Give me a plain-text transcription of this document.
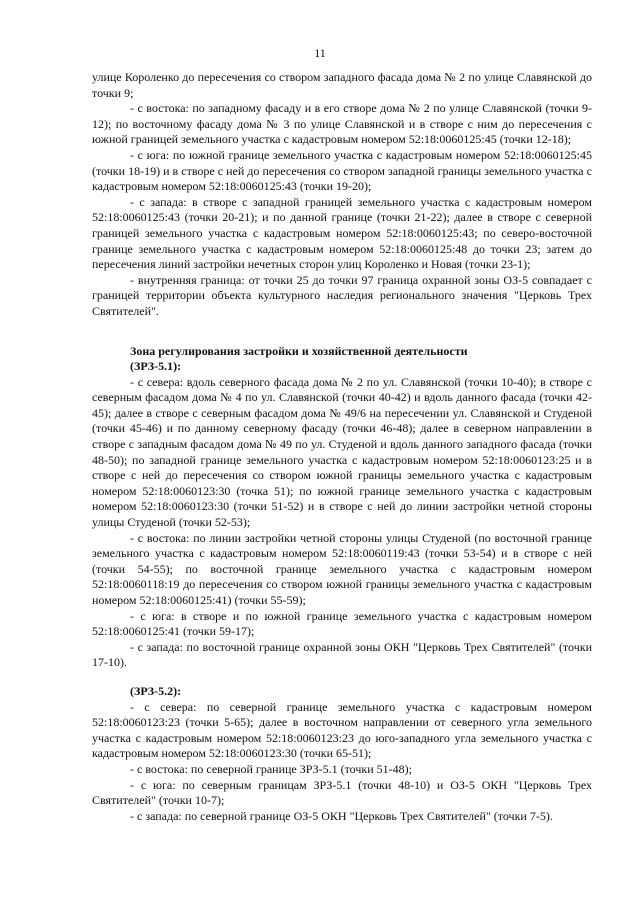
11

улице Короленко до пересечения со створом западного фасада дома № 2 по улице Славянской до точки 9;

- с востока: по западному фасаду и в его створе дома № 2 по улице Славянской (точки 9-12); по восточному фасаду дома № 3 по улице Славянской и в створе с ним до пересечения с южной границей земельного участка с кадастровым номером 52:18:0060125:45 (точки 12-18);

- с юга: по южной границе земельного участка с кадастровым номером 52:18:0060125:45 (точки 18-19) и в створе с ней до пересечения со створом западной границы земельного участка с кадастровым номером 52:18:0060125:43 (точки 19-20);

- с запада: в створе с западной границей земельного участка с кадастровым номером 52:18:0060125:43 (точки 20-21); и по данной границе (точки 21-22); далее в створе с северной границей земельного участка с кадастровым номером 52:18:0060125:43; по северо-восточной границе земельного участка с кадастровым номером 52:18:0060125:48 до точки 23; затем до пересечения линий застройки нечетных сторон улиц Короленко и Новая (точки 23-1);

- внутренняя граница: от точки 25 до точки 97 граница охранной зоны ОЗ-5 совпадает с границей территории объекта культурного наследия регионального значения "Церковь Трех Святителей".

Зона регулирования застройки и хозяйственной деятельности

(ЗРЗ-5.1):

- с севера: вдоль северного фасада дома № 2 по ул. Славянской (точки 10-40); в створе с северным фасадом дома № 4 по ул. Славянской (точки 40-42) и вдоль данного фасада (точки 42-45); далее в створе с северным фасадом дома № 49/6 на пересечении ул. Славянской и Студеной (точки 45-46) и по данному северному фасаду (точки 46-48); далее в северном направлении в створе с западным фасадом дома № 49 по ул. Студеной и вдоль данного западного фасада (точки 48-50); по западной границе земельного участка с кадастровым номером 52:18:0060123:25 и в створе с ней до пересечения со створом южной границы земельного участка с кадастровым номером 52:18:0060123:30 (точка 51); по южной границе земельного участка с кадастровым номером 52:18:0060123:30 (точки 51-52) и в створе с ней до линии застройки четной стороны улицы Студеной (точки 52-53);

- с востока: по линии застройки четной стороны улицы Студеной (по восточной границе земельного участка с кадастровым номером 52:18:0060119:43 (точки 53-54) и в створе с ней (точки 54-55); по восточной границе земельного участка с кадастровым номером 52:18:0060118:19 до пересечения со створом южной границы земельного участка с кадастровым номером 52:18:0060125:41) (точки 55-59);

- с юга: в створе и по южной границе земельного участка с кадастровым номером 52:18:0060125:41 (точки 59-17);

- с запада: по восточной границе охранной зоны ОКН "Церковь Трех Святителей" (точки 17-10).

(ЗРЗ-5.2):

- с севера: по северной границе земельного участка с кадастровым номером 52:18:0060123:23 (точки 5-65); далее в восточном направлении от северного угла земельного участка с кадастровым номером 52:18:0060123:23 до юго-западного угла земельного участка с кадастровым номером 52:18:0060123:30 (точки 65-51);

- с востока: по северной границе ЗРЗ-5.1 (точки 51-48);

- с юга: по северным границам ЗРЗ-5.1 (точки 48-10) и ОЗ-5 ОКН "Церковь Трех Святителей" (точки 10-7);

- с запада: по северной границе ОЗ-5 ОКН "Церковь Трех Святителей" (точки 7-5).
